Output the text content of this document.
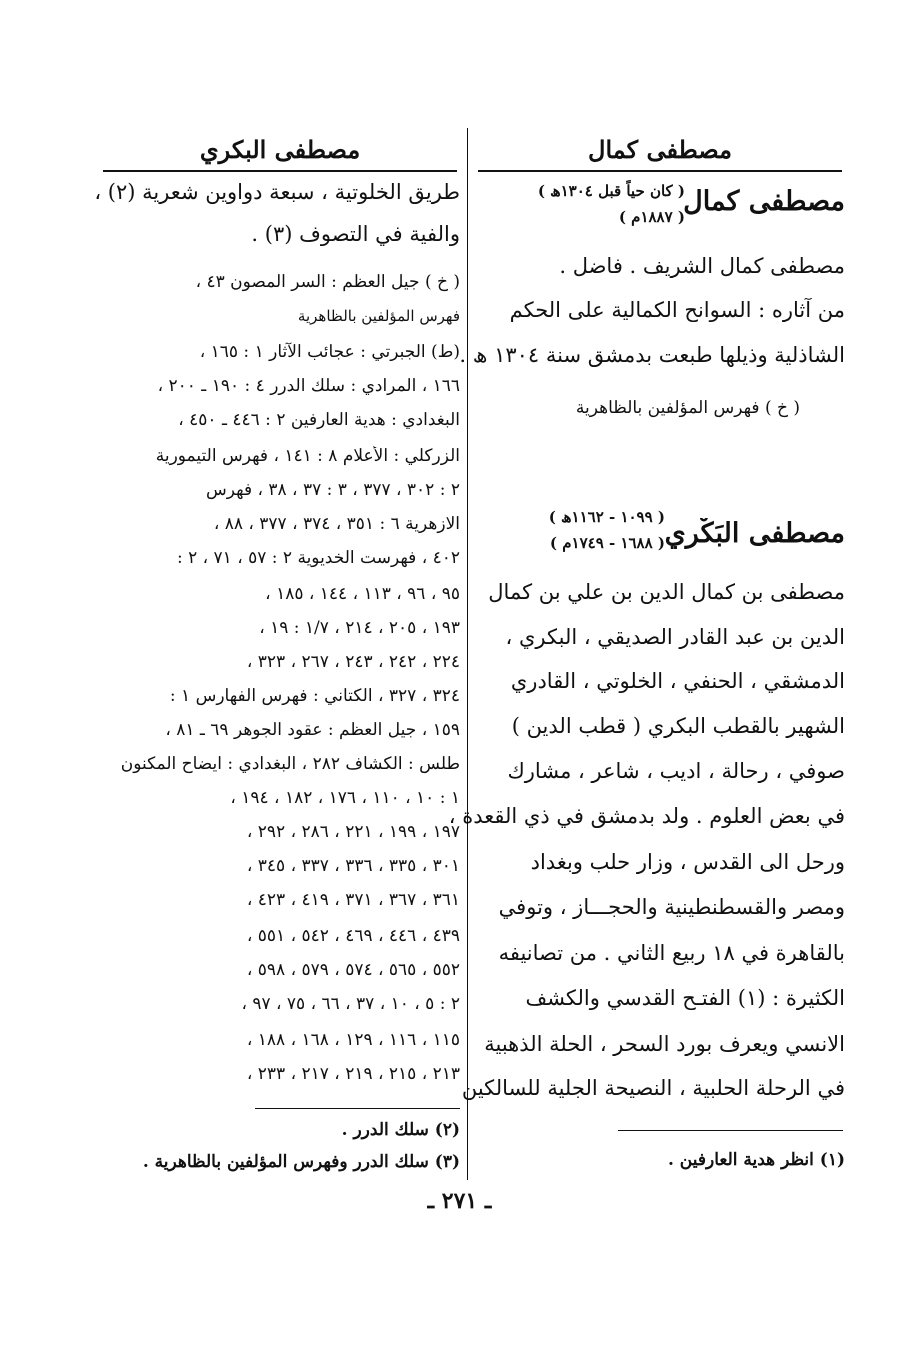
مصطفى كمال
مصطفى البكري
مصطفى كمال
( كان حياً قبل ١٣٠٤ھ )
( ١٨٨٧م )
مصطفى كمال الشريف . فاضل .
من آثاره : السوانح الكمالية على الحكم
الشاذلية وذيلها طبعت بدمشق سنة ١٣٠٤ ھ .
( خ ) فهرس المؤلفين بالظاهرية
مصطفى البَكْري
( ١٠٩٩ - ١١٦٢ھ )
( ١٦٨٨ - ١٧٤٩م )
مصطفى بن كمال الدين بن علي بن كمال
الدين بن عبد القادر الصديقي ، البكري ،
الدمشقي ، الحنفي ، الخلوتي ، القادري
الشهير بالقطب البكري ( قطب الدين )
صوفي ، رحالة ، اديب ، شاعر ، مشارك
في بعض العلوم . ولد بدمشق في ذي القعدة ،
ورحل الى القدس ، وزار حلب وبغداد
ومصر والقسطنطينية والحجـــاز ، وتوفي
بالقاهرة في ١٨ ربيع الثاني . من تصانيفه
الكثيرة : (١) الفتـح القدسي والكشف
الانسي ويعرف بورد السحر ، الحلة الذهبية
في الرحلة الحلبية ، النصيحة الجلية للسالكين
(١) انظر هدية العارفين .
طريق الخلوتية ، سبعة دواوين شعرية (٢) ،
والفية في التصوف (٣) .
( خ ) جيل العظم : السر المصون ٤٣ ،
فهرس المؤلفين بالظاهرية
(ط) الجبرتي : عجائب الآثار ١ : ١٦٥ ،
١٦٦ ، المرادي : سلك الدرر ٤ : ١٩٠ ـ ٢٠٠ ،
البغدادي : هدية العارفين ٢ : ٤٤٦ ـ ٤٥٠ ،
الزركلي : الأعلام ٨ : ١٤١ ، فهرس التيمورية
٢ : ٣٠٢ ، ٣٧٧ ، ٣ : ٣٧ ، ٣٨ ، فهرس
الازهرية ٦ : ٣٥١ ، ٣٧٤ ، ٣٧٧ ، ٨٨ ،
٤٠٢ ، فهرست الخديوية ٢ : ٥٧ ، ٧١ ، ٢ :
٩٥ ، ٩٦ ، ١١٣ ، ١٤٤ ، ١٨٥ ،
١٩٣ ، ٢٠٥ ، ٢١٤ ، ١/٧ : ١٩ ،
٢٢٤ ، ٢٤٢ ، ٢٤٣ ، ٢٦٧ ، ٣٢٣ ،
٣٢٤ ، ٣٢٧ ، الكتاني : فهرس الفهارس ١ :
١٥٩ ، جيل العظم : عقود الجوهر ٦٩ ـ ٨١ ،
طلس : الكشاف ٢٨٢ ، البغدادي : ايضاح المكنون
١ : ١٠ ، ١١٠ ، ١٧٦ ، ١٨٢ ، ١٩٤ ،
١٩٧ ، ١٩٩ ، ٢٢١ ، ٢٨٦ ، ٢٩٢ ،
٣٠١ ، ٣٣٥ ، ٣٣٦ ، ٣٣٧ ، ٣٤٥ ،
٣٦١ ، ٣٦٧ ، ٣٧١ ، ٤١٩ ، ٤٢٣ ،
٤٣٩ ، ٤٤٦ ، ٤٦٩ ، ٥٤٢ ، ٥٥١ ،
٥٥٢ ، ٥٦٥ ، ٥٧٤ ، ٥٧٩ ، ٥٩٨ ،
٢ : ٥ ، ١٠ ، ٣٧ ، ٦٦ ، ٧٥ ، ٩٧ ،
١١٥ ، ١١٦ ، ١٢٩ ، ١٦٨ ، ١٨٨ ،
٢١٣ ، ٢١٥ ، ٢١٩ ، ٢١٧ ، ٢٣٣ ،
(٢) سلك الدرر .
(٣) سلك الدرر وفهرس المؤلفين بالظاهرية .
ـ ٢٧١ ـ
